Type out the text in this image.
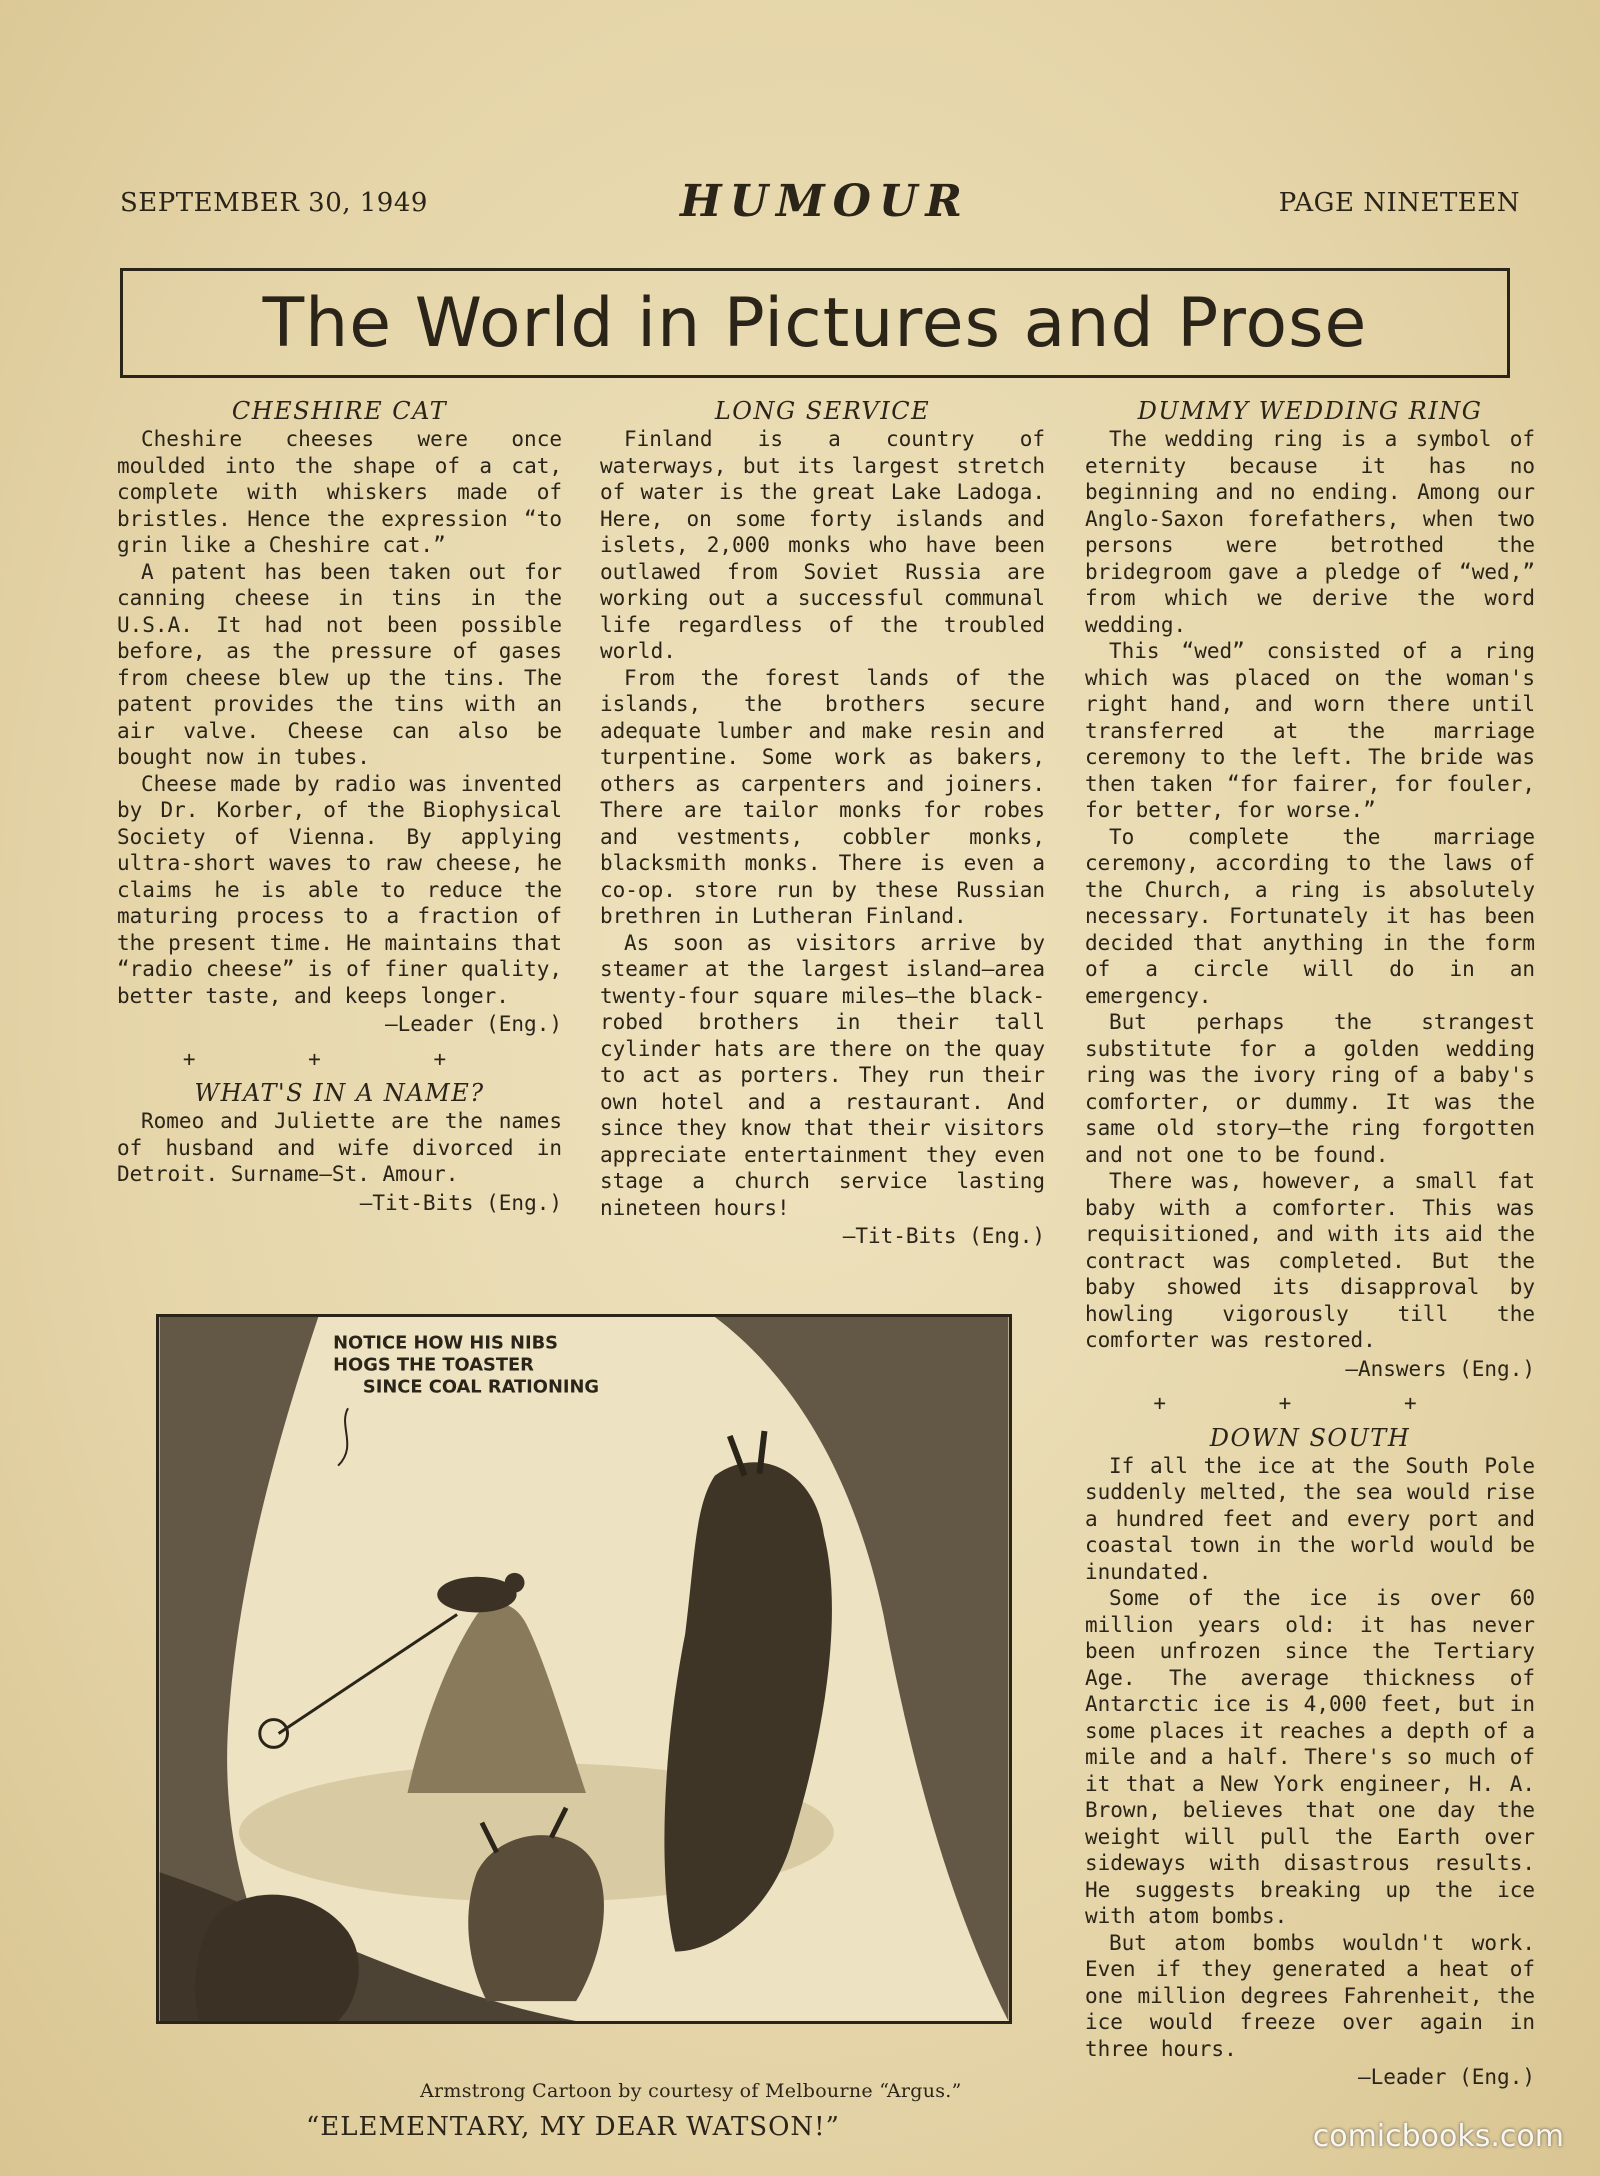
SEPTEMBER 30, 1949	HUMOUR	PAGE NINETEEN
The World in Pictures and Prose
CHESHIRE CAT

Cheshire cheeses were once moulded into the shape of a cat, complete with whiskers made of bristles. Hence the expression “to grin like a Cheshire cat.”

A patent has been taken out for canning cheese in tins in the U.S.A. It had not been possible before, as the pressure of gases from cheese blew up the tins. The patent provides the tins with an air valve. Cheese can also be bought now in tubes.

Cheese made by radio was invented by Dr. Korber, of the Biophysical Society of Vienna. By applying ultra-short waves to raw cheese, he claims he is able to reduce the maturing process to a fraction of the present time. He maintains that “radio cheese” is of finer quality, better taste, and keeps longer.

—Leader (Eng.)
+ + +
WHAT'S IN A NAME?

Romeo and Juliette are the names of husband and wife divorced in Detroit. Surname—St. Amour.

—Tit-Bits (Eng.)
LONG SERVICE

Finland is a country of waterways, but its largest stretch of water is the great Lake Ladoga. Here, on some forty islands and islets, 2,000 monks who have been outlawed from Soviet Russia are working out a successful communal life regardless of the troubled world.

From the forest lands of the islands, the brothers secure adequate lumber and make resin and turpentine. Some work as bakers, others as carpenters and joiners. There are tailor monks for robes and vestments, cobbler monks, blacksmith monks. There is even a co-op. store run by these Russian brethren in Lutheran Finland.

As soon as visitors arrive by steamer at the largest island—area twenty-four square miles—the black-robed brothers in their tall cylinder hats are there on the quay to act as porters. They run their own hotel and a restaurant. And since they know that their visitors appreciate entertainment they even stage a church service lasting nineteen hours!

—Tit-Bits (Eng.)
DUMMY WEDDING RING

The wedding ring is a symbol of eternity because it has no beginning and no ending. Among our Anglo-Saxon forefathers, when two persons were betrothed the bridegroom gave a pledge of “wed,” from which we derive the word wedding.

This “wed” consisted of a ring which was placed on the woman's right hand, and worn there until transferred at the marriage ceremony to the left. The bride was then taken “for fairer, for fouler, for better, for worse.”

To complete the marriage ceremony, according to the laws of the Church, a ring is absolutely necessary. Fortunately it has been decided that anything in the form of a circle will do in an emergency.

But perhaps the strangest substitute for a golden wedding ring was the ivory ring of a baby's comforter, or dummy. It was the same old story—the ring forgotten and not one to be found.

There was, however, a small fat baby with a comforter. This was requisitioned, and with its aid the contract was completed. But the baby showed its disapproval by howling vigorously till the comforter was restored.

—Answers (Eng.)
+ + +
DOWN SOUTH

If all the ice at the South Pole suddenly melted, the sea would rise a hundred feet and every port and coastal town in the world would be inundated.

Some of the ice is over 60 million years old: it has never been unfrozen since the Tertiary Age. The average thickness of Antarctic ice is 4,000 feet, but in some places it reaches a depth of a mile and a half. There's so much of it that a New York engineer, H. A. Brown, believes that one day the weight will pull the Earth over sideways with disastrous results. He suggests breaking up the ice with atom bombs.

But atom bombs wouldn't work. Even if they generated a heat of one million degrees Fahrenheit, the ice would freeze over again in three hours.

—Leader (Eng.)
NOTICE HOW HIS NIBS
HOGS THE TOASTER
SINCE COAL RATIONING
Armstrong Cartoon by courtesy of Melbourne “Argus.”
“ELEMENTARY, MY DEAR WATSON!”	comicbooks.com
